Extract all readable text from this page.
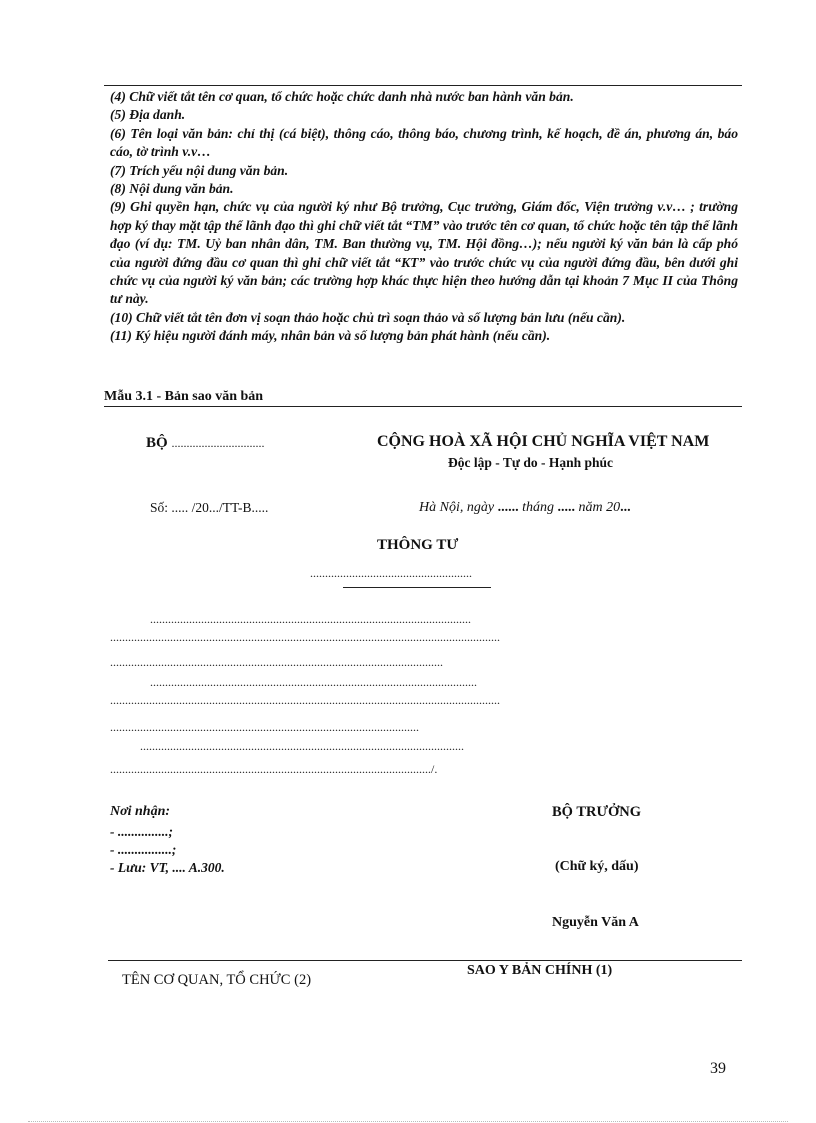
(4) Chữ viết tắt tên cơ quan, tổ chức hoặc chức danh nhà nước ban hành văn bản.

(5) Địa danh.

(6) Tên loại văn bản: chỉ thị (cá biệt), thông cáo, thông báo, chương trình, kế hoạch, đề án, phương án, báo cáo, tờ trình v.v…

(7) Trích yếu nội dung văn bản.

(8) Nội dung văn bản.

(9) Ghi quyền hạn, chức vụ của người ký như Bộ trưởng, Cục trưởng, Giám đốc, Viện trưởng v.v… ; trường hợp ký thay mặt tập thể lãnh đạo thì ghi chữ viết tắt “TM” vào trước tên cơ quan, tổ chức hoặc tên tập thể lãnh đạo (ví dụ: TM. Uỷ ban nhân dân, TM. Ban thường vụ, TM. Hội đồng…); nếu người ký văn bản là cấp phó của người đứng đầu cơ quan thì ghi chữ viết tắt “KT” vào trước chức vụ của người đứng đầu, bên dưới ghi chức vụ của người ký văn bản; các trường hợp khác thực hiện theo hướng dẫn tại khoản 7 Mục II của Thông tư này.

(10) Chữ viết tắt tên đơn vị soạn thảo hoặc chủ trì soạn thảo và số lượng bản lưu (nếu cần).

(11) Ký hiệu người đánh máy, nhân bản và số lượng bản phát hành (nếu cần).

Mẫu 3.1 - Bản sao văn bản
BỘ ...............................	CỘNG HOÀ XÃ HỘI CHỦ NGHĨA VIỆT NAM
Độc lập - Tự do - Hạnh phúc
Số: ..... /20.../TT-B.....	Hà Nội, ngày ...... tháng ..... năm 20...
THÔNG TƯ
......................................................
...........................................................................................................
..................................................................................................................................
...............................................................................................................
.............................................................................................................
..................................................................................................................................
.......................................................................................................
............................................................................................................
.........................................................................................................../.
Nơi nhận:
- ...............;
- ................;
- Lưu: VT, .... A.300.
BỘ TRƯỞNG
(Chữ ký, dấu)
Nguyễn Văn A
TÊN CƠ QUAN, TỔ CHỨC (2)
SAO Y BẢN CHÍNH (1)
39
